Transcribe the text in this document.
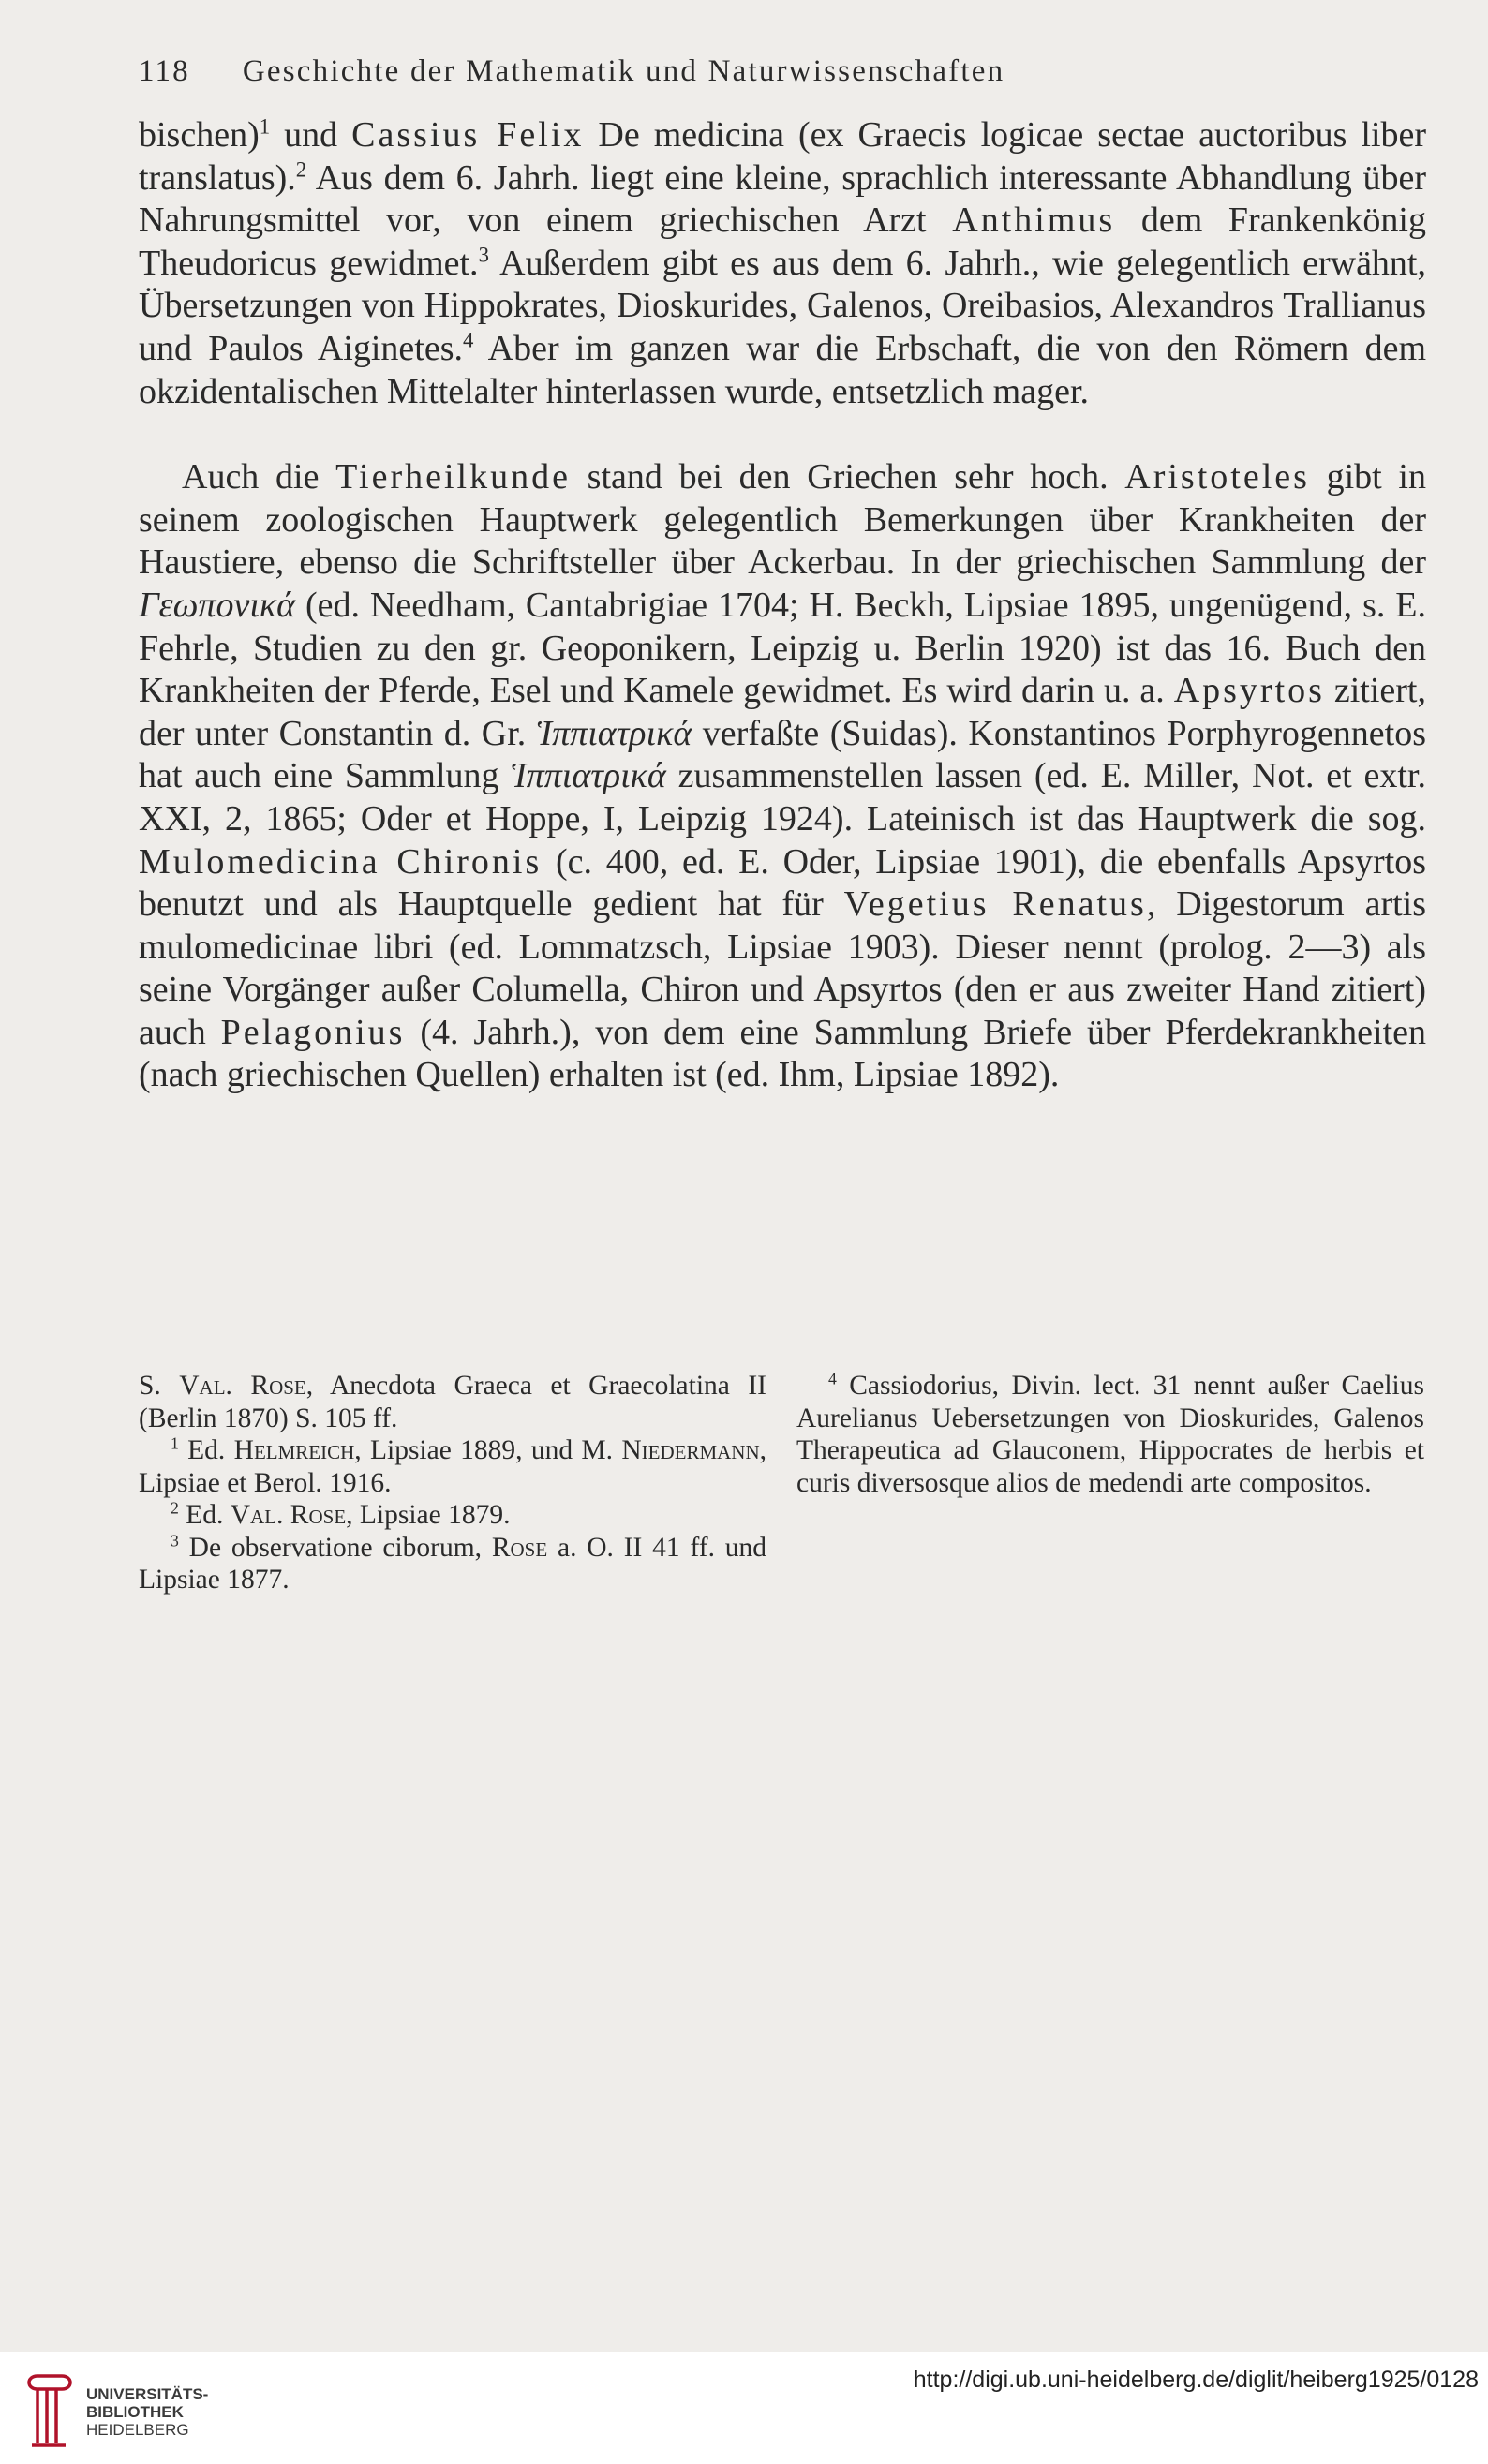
118 Geschichte der Mathematik und Naturwissenschaften

bischen)$^1$ und Cassius Felix De medicina (ex Graecis logicae sectae auctoribus liber translatus).$^2$ Aus dem 6. Jahrh. liegt eine kleine, sprachlich interessante Abhandlung über Nahrungsmittel vor, von einem griechischen Arzt Anthimus dem Frankenkönig Theudoricus gewidmet.$^3$ Außerdem gibt es aus dem 6. Jahrh., wie gelegentlich erwähnt, Übersetzungen von Hippokrates, Dioskurides, Galenos, Oreibasios, Alexandros Trallianus und Paulos Aiginetes.$^4$ Aber im ganzen war die Erbschaft, die von den Römern dem okzidentalischen Mittelalter hinterlassen wurde, entsetzlich mager.

Auch die Tierheilkunde stand bei den Griechen sehr hoch. Aristoteles gibt in seinem zoologischen Hauptwerk gelegentlich Bemerkungen über Krankheiten der Haustiere, ebenso die Schriftsteller über Ackerbau. In der griechischen Sammlung der Γεωπονικά (ed. Needham, Cantabrigiae 1704; H. Beckh, Lipsiae 1895, ungenügend, s. E. Fehrle, Studien zu den gr. Geoponikern, Leipzig u. Berlin 1920) ist das 16. Buch den Krankheiten der Pferde, Esel und Kamele gewidmet. Es wird darin u. a. Apsyrtos zitiert, der unter Constantin d. Gr. Ἱππιατρικά verfaßte (Suidas). Konstantinos Porphyrogennetos hat auch eine Sammlung Ἱππιατρικά zusammenstellen lassen (ed. E. Miller, Not. et extr. XXI, 2, 1865; Oder et Hoppe, I, Leipzig 1924). Lateinisch ist das Hauptwerk die sog. Mulomedicina Chironis (c. 400, ed. E. Oder, Lipsiae 1901), die ebenfalls Apsyrtos benutzt und als Hauptquelle gedient hat für Vegetius Renatus, Digestorum artis mulomedicinae libri (ed. Lommatzsch, Lipsiae 1903). Dieser nennt (prolog. 2—3) als seine Vorgänger außer Columella, Chiron und Apsyrtos (den er aus zweiter Hand zitiert) auch Pelagonius (4. Jahrh.), von dem eine Sammlung Briefe über Pferdekrankheiten (nach griechischen Quellen) erhalten ist (ed. Ihm, Lipsiae 1892).

S. Val. Rose, Anecdota Graeca et Graecolatina II (Berlin 1870) S. 105 ff.

$^1$ Ed. Helmreich, Lipsiae 1889, und M. Niedermann, Lipsiae et Berol. 1916.

$^2$ Ed. Val. Rose, Lipsiae 1879.

$^3$ De observatione ciborum, Rose a. O. II 41 ff. und Lipsiae 1877.

$^4$ Cassiodorius, Divin. lect. 31 nennt außer Caelius Aurelianus Uebersetzungen von Dioskurides, Galenos Therapeutica ad Glauconem, Hippocrates de herbis et curis diversosque alios de medendi arte compositos.

UNIVERSITÄTS-
BIBLIOTHEK
HEIDELBERG
http://digi.ub.uni-heidelberg.de/diglit/heiberg1925/0128
